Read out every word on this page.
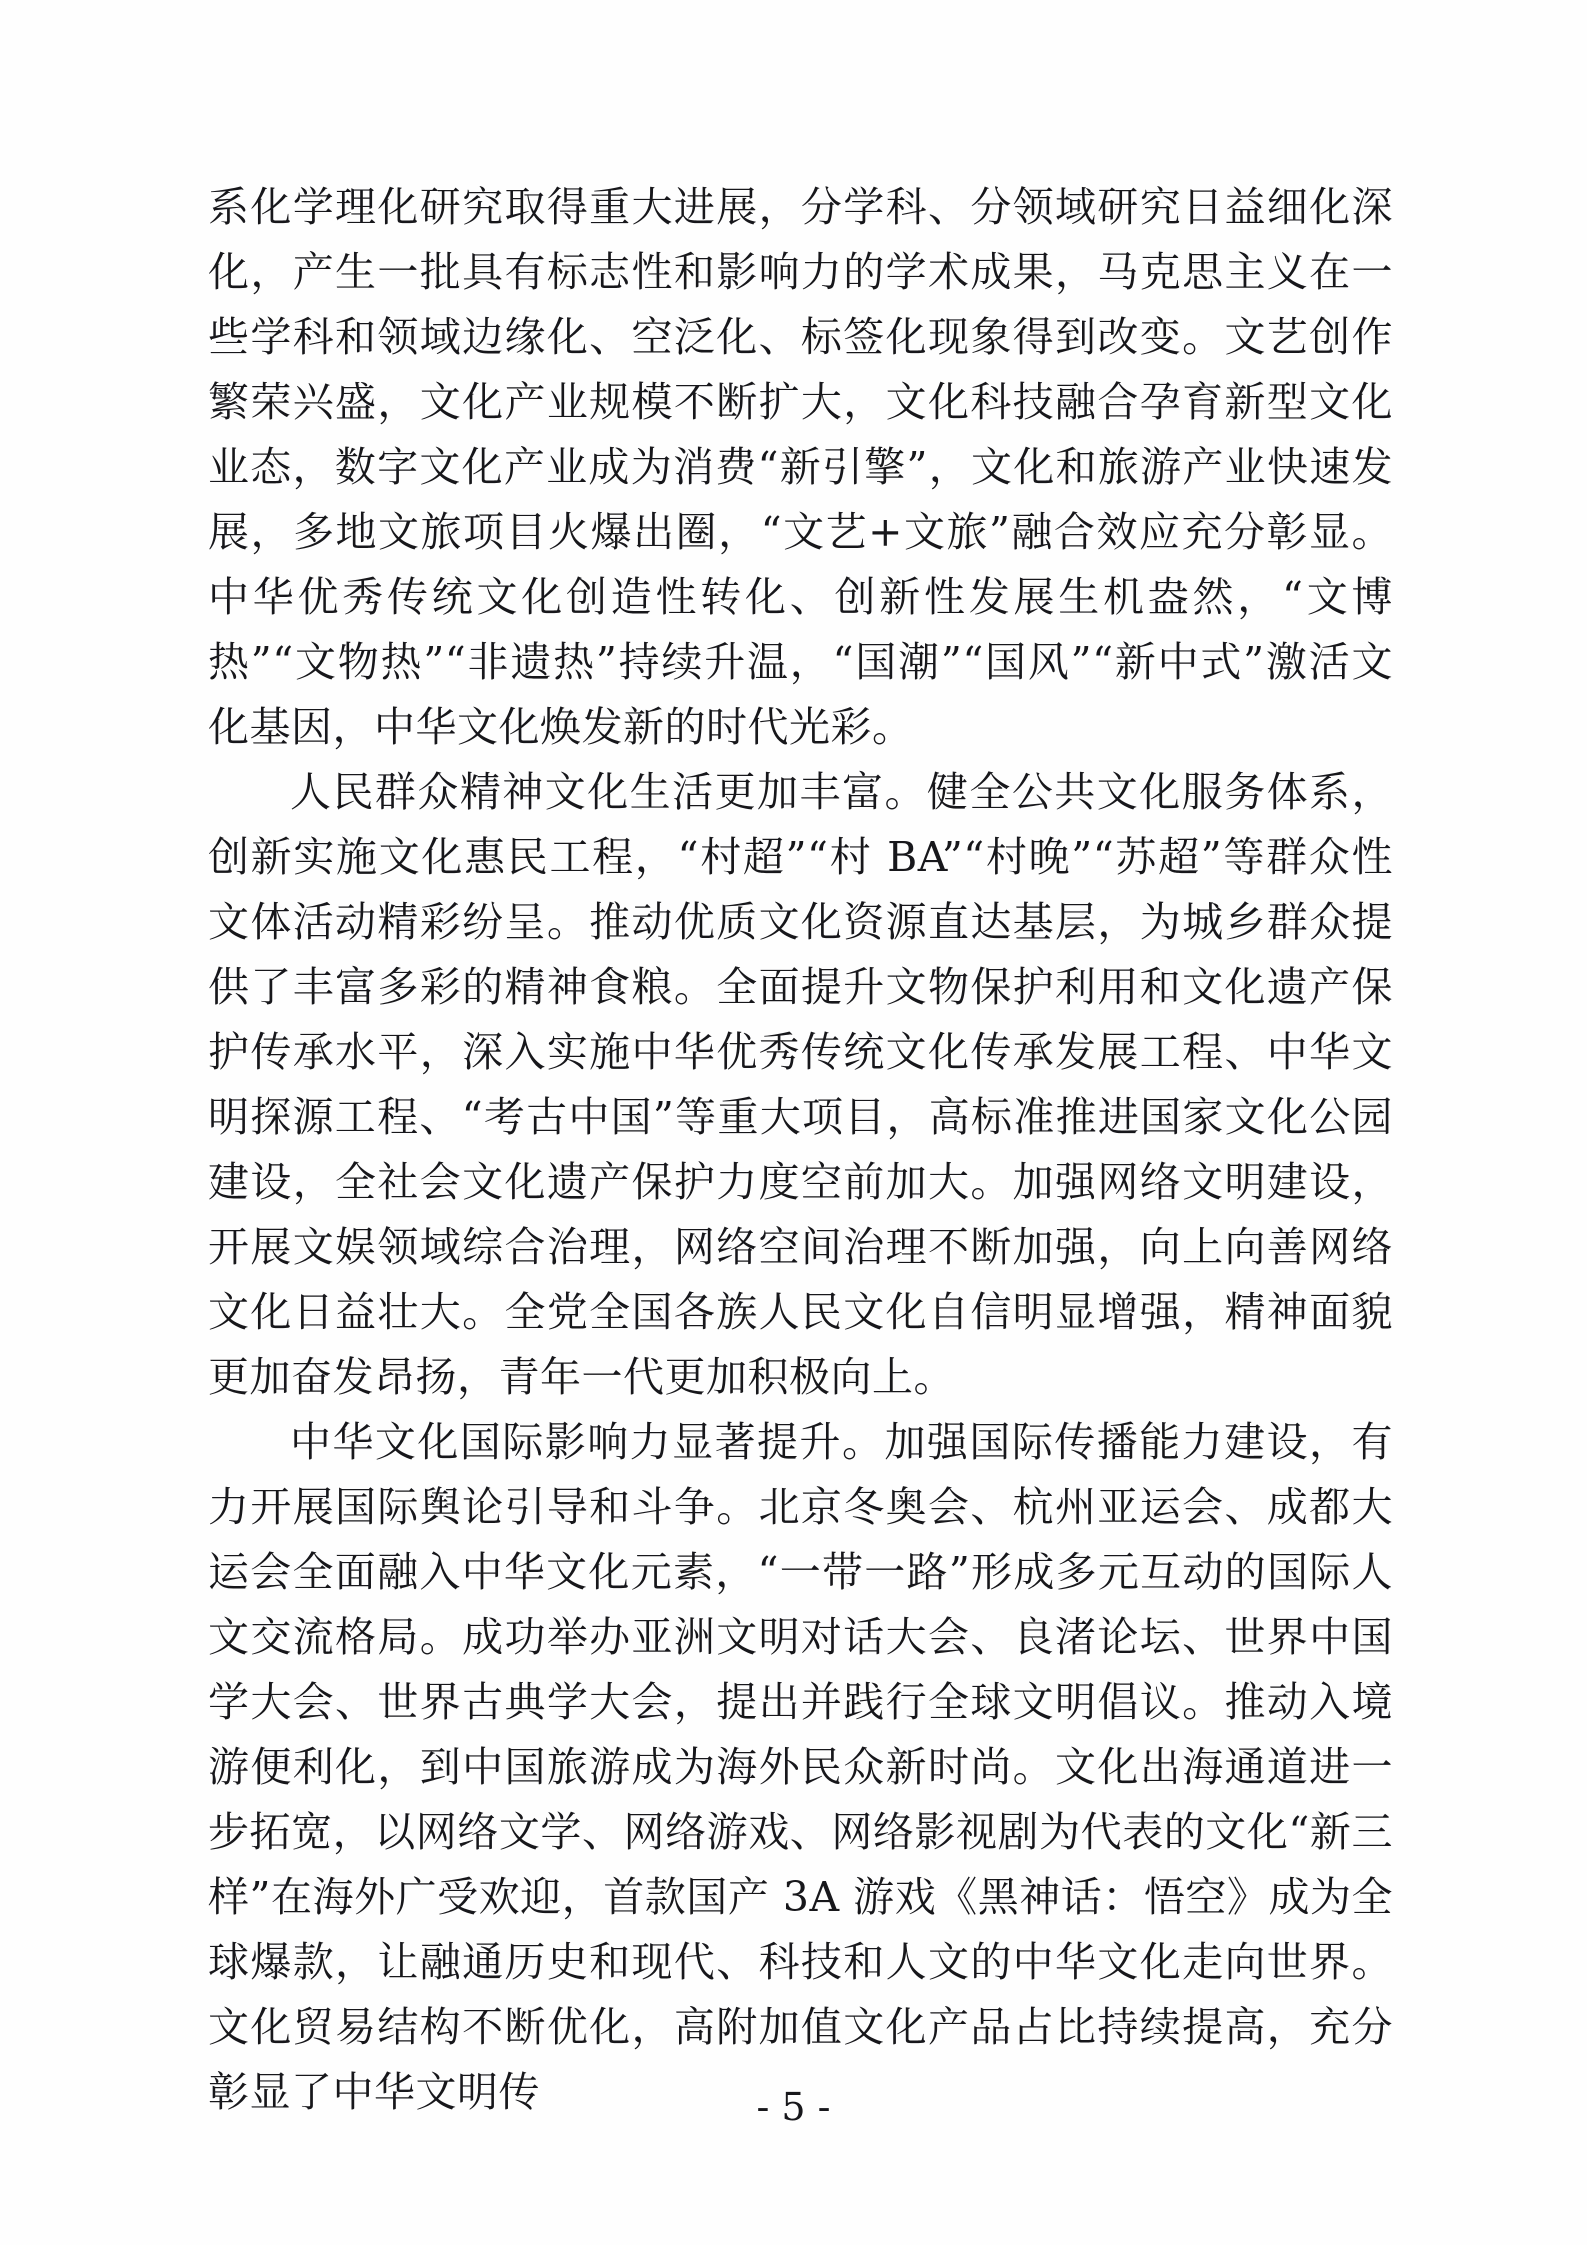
系化学理化研究取得重大进展，分学科、分领域研究日益细化深化，产生一批具有标志性和影响力的学术成果，马克思主义在一些学科和领域边缘化、空泛化、标签化现象得到改变。文艺创作繁荣兴盛，文化产业规模不断扩大，文化科技融合孕育新型文化业态，数字文化产业成为消费“新引擎”，文化和旅游产业快速发展，多地文旅项目火爆出圈，“文艺+文旅”融合效应充分彰显。中华优秀传统文化创造性转化、创新性发展生机盎然，“文博热”“文物热”“非遗热”持续升温，“国潮”“国风”“新中式”激活文化基因，中华文化焕发新的时代光彩。

人民群众精神文化生活更加丰富。健全公共文化服务体系，创新实施文化惠民工程，“村超”“村 BA”“村晚”“苏超”等群众性文体活动精彩纷呈。推动优质文化资源直达基层，为城乡群众提供了丰富多彩的精神食粮。全面提升文物保护利用和文化遗产保护传承水平，深入实施中华优秀传统文化传承发展工程、中华文明探源工程、“考古中国”等重大项目，高标准推进国家文化公园建设，全社会文化遗产保护力度空前加大。加强网络文明建设，开展文娱领域综合治理，网络空间治理不断加强，向上向善网络文化日益壮大。全党全国各族人民文化自信明显增强，精神面貌更加奋发昂扬，青年一代更加积极向上。

中华文化国际影响力显著提升。加强国际传播能力建设，有力开展国际舆论引导和斗争。北京冬奥会、杭州亚运会、成都大运会全面融入中华文化元素，“一带一路”形成多元互动的国际人文交流格局。成功举办亚洲文明对话大会、良渚论坛、世界中国学大会、世界古典学大会，提出并践行全球文明倡议。推动入境游便利化，到中国旅游成为海外民众新时尚。文化出海通道进一步拓宽，以网络文学、网络游戏、网络影视剧为代表的文化“新三样”在海外广受欢迎，首款国产 3A 游戏《黑神话：悟空》成为全球爆款，让融通历史和现代、科技和人文的中华文化走向世界。文化贸易结构不断优化，高附加值文化产品占比持续提高，充分彰显了中华文明传	- 5 -
